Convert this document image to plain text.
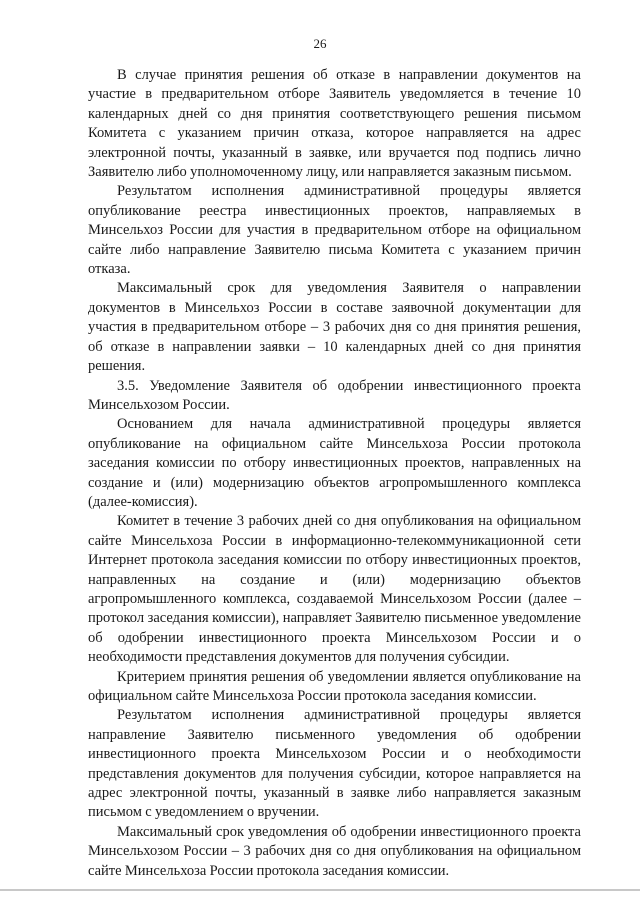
26

В случае принятия решения об отказе в направлении документов на участие в предварительном отборе Заявитель уведомляется в течение 10 календарных дней со дня принятия соответствующего решения письмом Комитета с указанием причин отказа, которое направляется на адрес электронной почты, указанный в заявке, или вручается под подпись лично Заявителю либо уполномоченному лицу, или направляется заказным письмом.

Результатом исполнения административной процедуры является опубликование реестра инвестиционных проектов, направляемых в Минсельхоз России для участия в предварительном отборе на официальном сайте либо направление Заявителю письма Комитета с указанием причин отказа.

Максимальный срок для уведомления Заявителя о направлении документов в Минсельхоз России в составе заявочной документации для участия в предварительном отборе – 3 рабочих дня со дня принятия решения, об отказе в направлении заявки – 10 календарных дней со дня принятия решения.

3.5. Уведомление Заявителя об одобрении инвестиционного проекта Минсельхозом России.

Основанием для начала административной процедуры является опубликование на официальном сайте Минсельхоза России протокола заседания комиссии по отбору инвестиционных проектов, направленных на создание и (или) модернизацию объектов агропромышленного комплекса (далее-комиссия).

Комитет в течение 3 рабочих дней со дня опубликования на официальном сайте Минсельхоза России в информационно-телекоммуникационной сети Интернет протокола заседания комиссии по отбору инвестиционных проектов, направленных на создание и (или) модернизацию объектов агропромышленного комплекса, создаваемой Минсельхозом России (далее – протокол заседания комиссии), направляет Заявителю письменное уведомление об одобрении инвестиционного проекта Минсельхозом России и о необходимости представления документов для получения субсидии.

Критерием принятия решения об уведомлении является опубликование на официальном сайте Минсельхоза России протокола заседания комиссии.

Результатом исполнения административной процедуры является направление Заявителю письменного уведомления об одобрении инвестиционного проекта Минсельхозом России и о необходимости представления документов для получения субсидии, которое направляется на адрес электронной почты, указанный в заявке либо направляется заказным письмом с уведомлением о вручении.

Максимальный срок уведомления об одобрении инвестиционного проекта Минсельхозом России – 3 рабочих дня со дня опубликования на официальном сайте Минсельхоза России протокола заседания комиссии.
